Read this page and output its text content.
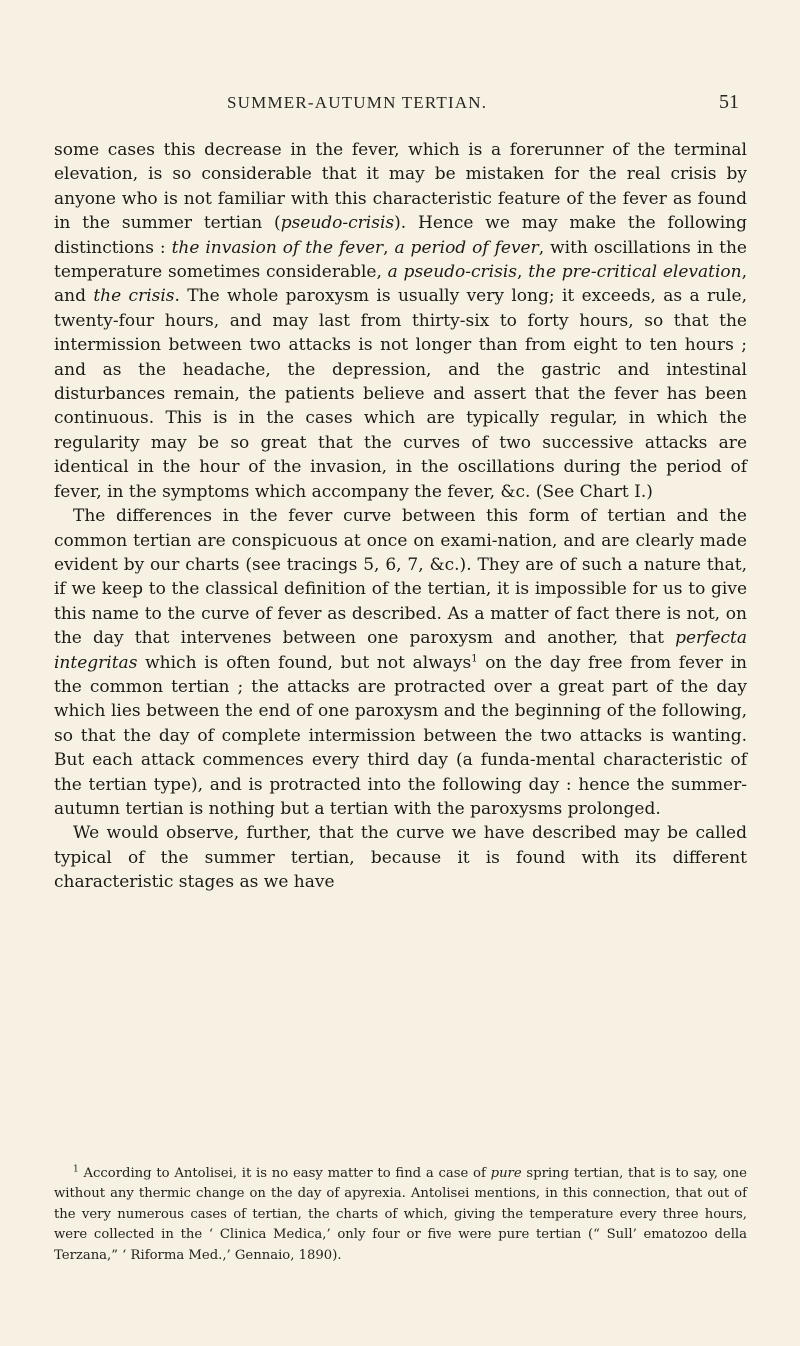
SUMMER-AUTUMN TERTIAN.	51

some cases this decrease in the fever, which is a forerunner of the terminal elevation, is so considerable that it may be mistaken for the real crisis by anyone who is not familiar with this characteristic feature of the fever as found in the summer tertian (pseudo-crisis). Hence we may make the following distinctions : the invasion of the fever, a period of fever, with oscillations in the temperature sometimes considerable, a pseudo-crisis, the pre-critical elevation, and the crisis. The whole paroxysm is usually very long; it exceeds, as a rule, twenty-four hours, and may last from thirty-six to forty hours, so that the intermission between two attacks is not longer than from eight to ten hours ; and as the headache, the depression, and the gastric and intestinal disturbances remain, the patients believe and assert that the fever has been continuous. This is in the cases which are typically regular, in which the regularity may be so great that the curves of two successive attacks are identical in the hour of the invasion, in the oscillations during the period of fever, in the symptoms which accompany the fever, &c. (See Chart I.)

The differences in the fever curve between this form of tertian and the common tertian are conspicuous at once on exami-nation, and are clearly made evident by our charts (see tracings 5, 6, 7, &c.). They are of such a nature that, if we keep to the classical definition of the tertian, it is impossible for us to give this name to the curve of fever as described. As a matter of fact there is not, on the day that intervenes between one paroxysm and another, that perfecta integritas which is often found, but not always$^1$ on the day free from fever in the common tertian ; the attacks are protracted over a great part of the day which lies between the end of one paroxysm and the beginning of the following, so that the day of complete intermission between the two attacks is wanting. But each attack commences every third day (a funda-mental characteristic of the tertian type), and is protracted into the following day : hence the summer-autumn tertian is nothing but a tertian with the paroxysms prolonged.

We would observe, further, that the curve we have described may be called typical of the summer tertian, because it is found with its different characteristic stages as we have

$^1$ According to Antolisei, it is no easy matter to find a case of pure spring tertian, that is to say, one without any thermic change on the day of apyrexia. Antolisei mentions, in this connection, that out of the very numerous cases of tertian, the charts of which, giving the temperature every three hours, were collected in the ‘ Clinica Medica,’ only four or five were pure tertian (“ Sull’ ematozoo della Terzana,” ‘ Riforma Med.,’ Gennaio, 1890).
